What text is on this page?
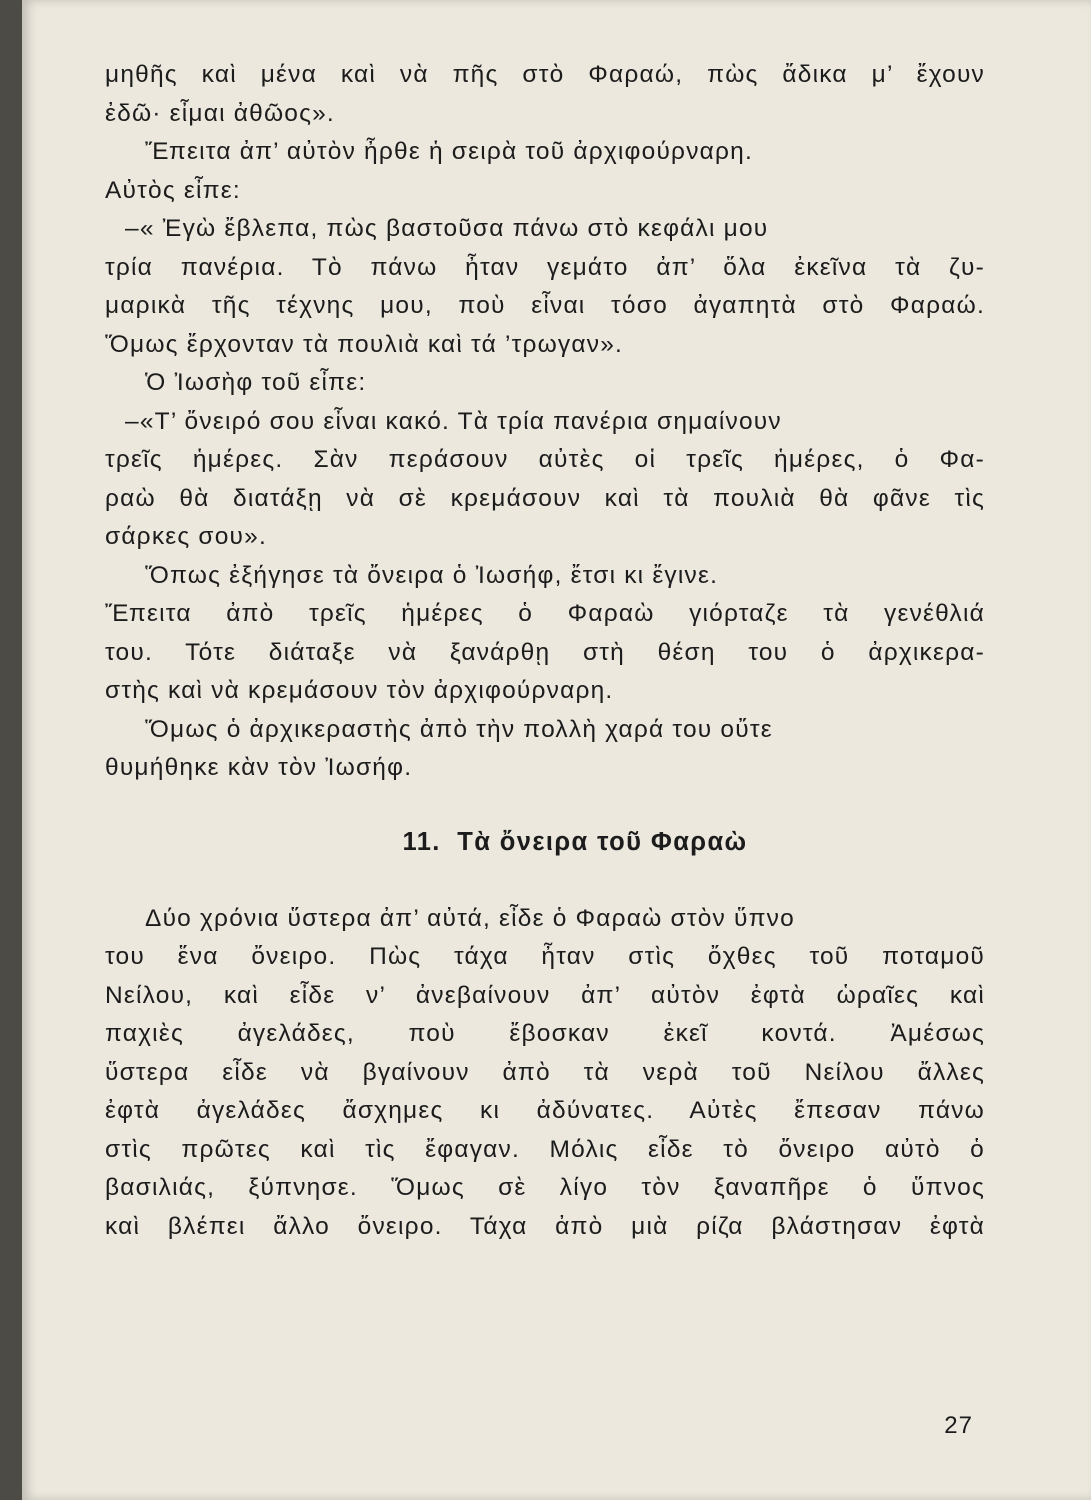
μηθῆς καὶ μένα καὶ νὰ πῆς στὸ Φαραώ, πὼς ἄδικα μ’ ἔχουν
ἐδῶ· εἶμαι ἀθῶος».
Ἔπειτα ἀπ’ αὐτὸν ἦρθε ἡ σειρὰ τοῦ ἀρχιφούρναρη.
Αὐτὸς εἶπε:
–« Ἐγὼ ἔβλεπα, πὼς βαστοῦσα πάνω στὸ κεφάλι μου
τρία πανέρια. Τὸ πάνω ἦταν γεμάτο ἀπ’ ὅλα ἐκεῖνα τὰ ζυ-
μαρικὰ τῆς τέχνης μου, ποὺ εἶναι τόσο ἀγαπητὰ στὸ Φαραώ.
Ὅμως ἔρχονταν τὰ πουλιὰ καὶ τά ’τρωγαν».
Ὁ Ἰωσὴφ τοῦ εἶπε:
–«Τ’ ὄνειρό σου εἶναι κακό. Τὰ τρία πανέρια σημαίνουν
τρεῖς ἡμέρες. Σὰν περάσουν αὐτὲς οἱ τρεῖς ἡμέρες, ὁ Φα-
ραὼ θὰ διατάξῃ νὰ σὲ κρεμάσουν καὶ τὰ πουλιὰ θὰ φᾶνε τὶς
σάρκες σου».
Ὅπως ἐξήγησε τὰ ὄνειρα ὁ Ἰωσήφ, ἔτσι κι ἔγινε.
Ἔπειτα ἀπὸ τρεῖς ἡμέρες ὁ Φαραὼ γιόρταζε τὰ γενέθλιά
του. Τότε διάταξε νὰ ξανάρθῃ στὴ θέση του ὁ ἀρχικερα-
στὴς καὶ νὰ κρεμάσουν τὸν ἀρχιφούρναρη.
Ὅμως ὁ ἀρχικεραστὴς ἀπὸ τὴν πολλὴ χαρά του οὔτε
θυμήθηκε κὰν τὸν Ἰωσήφ.
11. Τὰ ὄνειρα τοῦ Φαραὼ
Δύο χρόνια ὕστερα ἀπ’ αὐτά, εἶδε ὁ Φαραὼ στὸν ὕπνο
του ἕνα ὄνειρο. Πὼς τάχα ἦταν στὶς ὄχθες τοῦ ποταμοῦ
Νείλου, καὶ εἶδε ν’ ἀνεβαίνουν ἀπ’ αὐτὸν ἐφτὰ ὡραῖες καὶ
παχιὲς ἀγελάδες, ποὺ ἔβοσκαν ἐκεῖ κοντά. Ἀμέσως
ὕστερα εἶδε νὰ βγαίνουν ἀπὸ τὰ νερὰ τοῦ Νείλου ἄλλες
ἐφτὰ ἀγελάδες ἄσχημες κι ἀδύνατες. Αὐτὲς ἔπεσαν πάνω
στὶς πρῶτες καὶ τὶς ἔφαγαν. Μόλις εἶδε τὸ ὄνειρο αὐτὸ ὁ
βασιλιάς, ξύπνησε. Ὅμως σὲ λίγο τὸν ξαναπῆρε ὁ ὕπνος
καὶ βλέπει ἄλλο ὄνειρο. Τάχα ἀπὸ μιὰ ρίζα βλάστησαν ἐφτὰ
27
